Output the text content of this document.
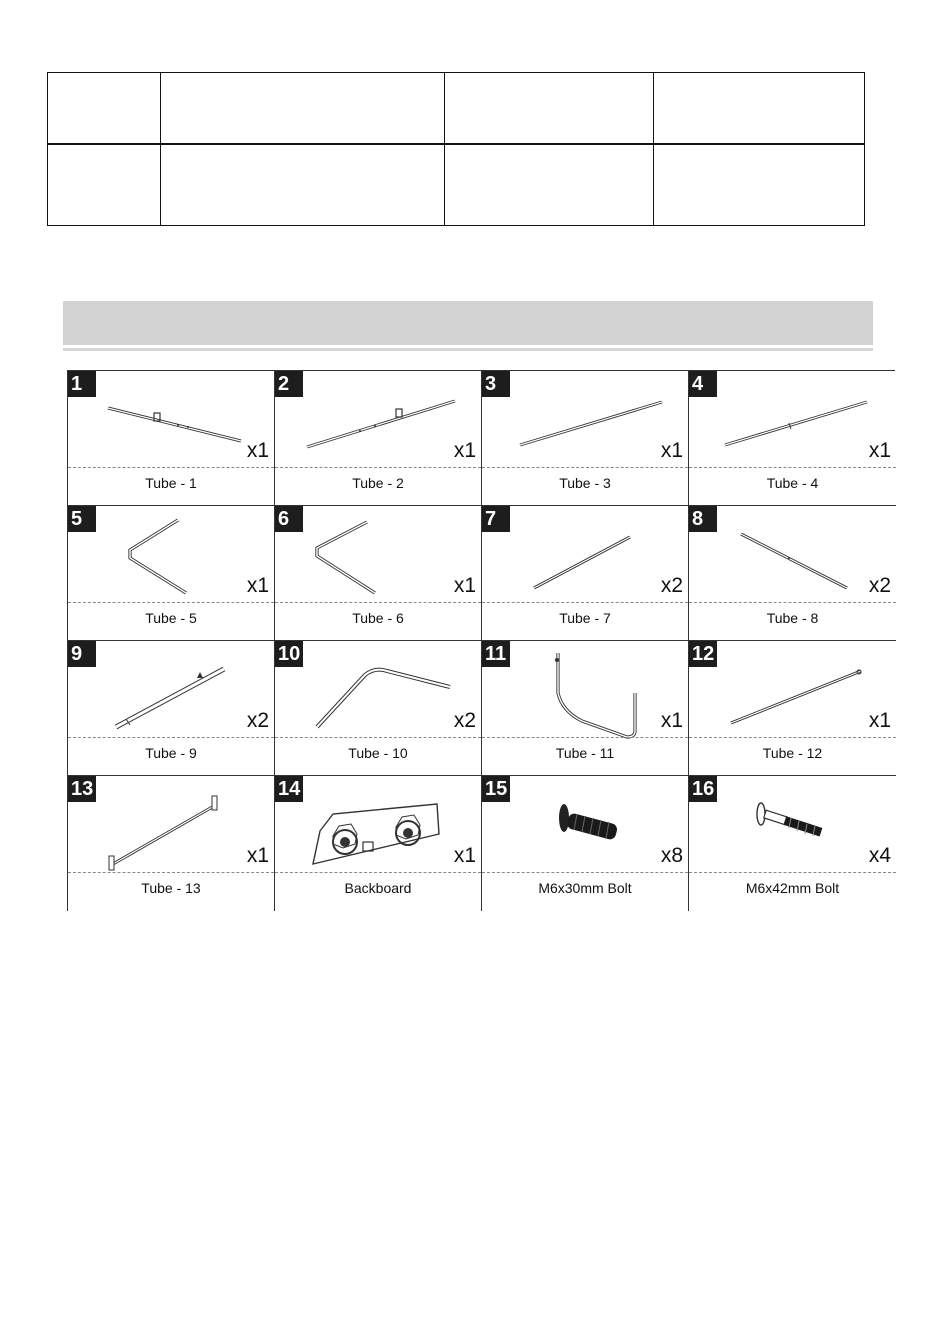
1
x1
Tube - 1
2
x1
Tube - 2
3
x1
Tube - 3
4
x1
Tube - 4
5
x1
Tube - 5
6
x1
Tube - 6
7
x2
Tube - 7
8
x2
Tube - 8
9
x2
Tube - 9
10
x2
Tube - 10
11
x1
Tube - 11
12
x1
Tube - 12
13
x1
Tube - 13
14
x1
Backboard
15
x8
M6x30mm Bolt
16
x4
M6x42mm Bolt
